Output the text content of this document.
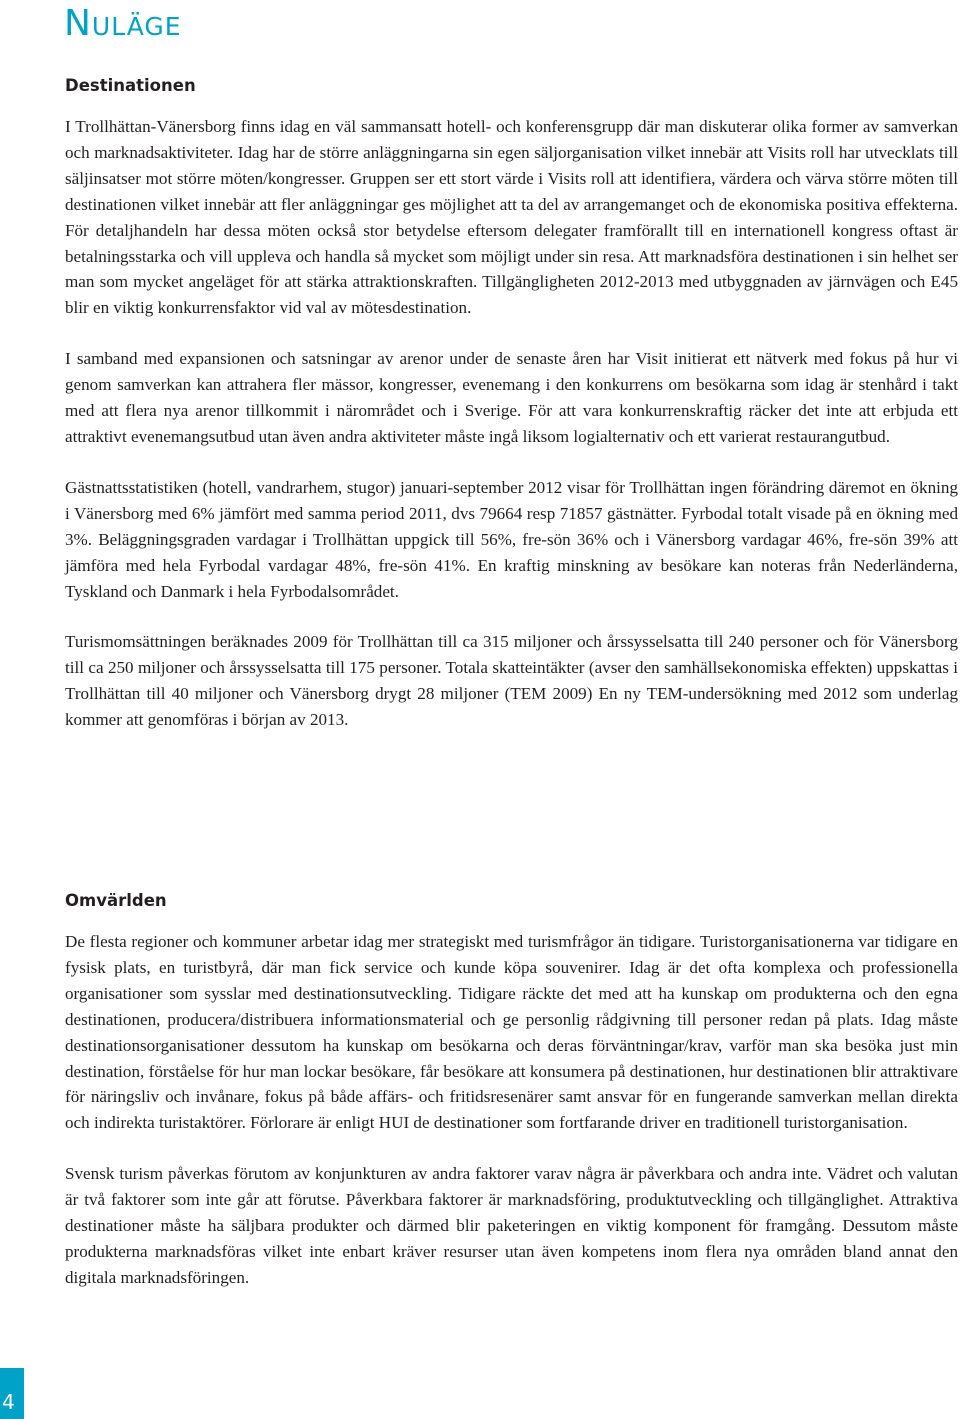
Nuläge
Destinationen

I Trollhättan-Vänersborg finns idag en väl sammansatt hotell- och konferensgrupp där man diskuterar olika former av samverkan och marknadsaktiviteter. Idag har de större anläggningarna sin egen säljorganisation vilket innebär att Visits roll har utvecklats till säljinsatser mot större möten/kongresser. Gruppen ser ett stort värde i Visits roll att identifiera, värdera och värva större möten till destinationen vilket innebär att fler anläggningar ges möjlighet att ta del av arrangemanget och de ekonomiska positiva effekterna. För detaljhandeln har dessa möten också stor betydelse eftersom delegater framförallt till en internationell kongress oftast är betalningsstarka och vill uppleva och handla så mycket som möjligt under sin resa. Att marknadsföra destinationen i sin helhet ser man som mycket angeläget för att stärka attraktionskraften. Tillgängligheten 2012-2013 med utbyggnaden av järnvägen och E45 blir en viktig konkurrensfaktor vid val av mötesdestination.

I samband med expansionen och satsningar av arenor under de senaste åren har Visit initierat ett nätverk med fokus på hur vi genom samverkan kan attrahera fler mässor, kongresser, evenemang i den konkurrens om besökarna som idag är stenhård i takt med att flera nya arenor tillkommit i närområdet och i Sverige. För att vara konkurrenskraftig räcker det inte att erbjuda ett attraktivt evenemangsutbud utan även andra aktiviteter måste ingå liksom logialternativ och ett varierat restaurangutbud.

Gästnattsstatistiken (hotell, vandrarhem, stugor) januari-september 2012 visar för Trollhättan ingen förändring däremot en ökning i Vänersborg med 6% jämfört med samma period 2011, dvs 79664 resp 71857 gästnätter. Fyrbodal totalt visade på en ökning med 3%. Beläggningsgraden vardagar i Trollhättan uppgick till 56%, fre-sön 36% och i Vänersborg vardagar 46%, fre-sön 39% att jämföra med hela Fyrbodal vardagar 48%, fre-sön 41%. En kraftig minskning av besökare kan noteras från Nederländerna, Tyskland och Danmark i hela Fyrbodalsområdet.

Turismomsättningen beräknades 2009 för Trollhättan till ca 315 miljoner och årssysselsatta till 240 personer och för Vänersborg till ca 250 miljoner och årssysselsatta till 175 personer. Totala skatteintäkter (avser den samhällsekonomiska effekten) uppskattas i Trollhättan till 40 miljoner och Vänersborg drygt 28 miljoner (TEM 2009) En ny TEM-undersökning med 2012 som underlag kommer att genomföras i början av 2013.

Omvärlden

De flesta regioner och kommuner arbetar idag mer strategiskt med turismfrågor än tidigare. Turistorganisationerna var tidigare en fysisk plats, en turistbyrå, där man fick service och kunde köpa souvenirer. Idag är det ofta komplexa och professionella organisationer som sysslar med destinationsutveckling. Tidigare räckte det med att ha kunskap om produkterna och den egna destinationen, producera/distribuera informationsmaterial och ge personlig rådgivning till personer redan på plats. Idag måste destinationsorganisationer dessutom ha kunskap om besökarna och deras förväntningar/krav, varför man ska besöka just min destination, förståelse för hur man lockar besökare, får besökare att konsumera på destinationen, hur destinationen blir attraktivare för näringsliv och invånare, fokus på både affärs- och fritidsresenärer samt ansvar för en fungerande samverkan mellan direkta och indirekta turistaktörer. Förlorare är enligt HUI de destinationer som fortfarande driver en traditionell turistorganisation.

Svensk turism påverkas förutom av konjunkturen av andra faktorer varav några är påverkbara och andra inte. Vädret och valutan är två faktorer som inte går att förutse. Påverkbara faktorer är marknadsföring, produktutveckling och tillgänglighet. Attraktiva destinationer måste ha säljbara produkter och därmed blir paketeringen en viktig komponent för framgång. Dessutom måste produkterna marknadsföras vilket inte enbart kräver resurser utan även kompetens inom flera nya områden bland annat den digitala marknadsföringen.

4
